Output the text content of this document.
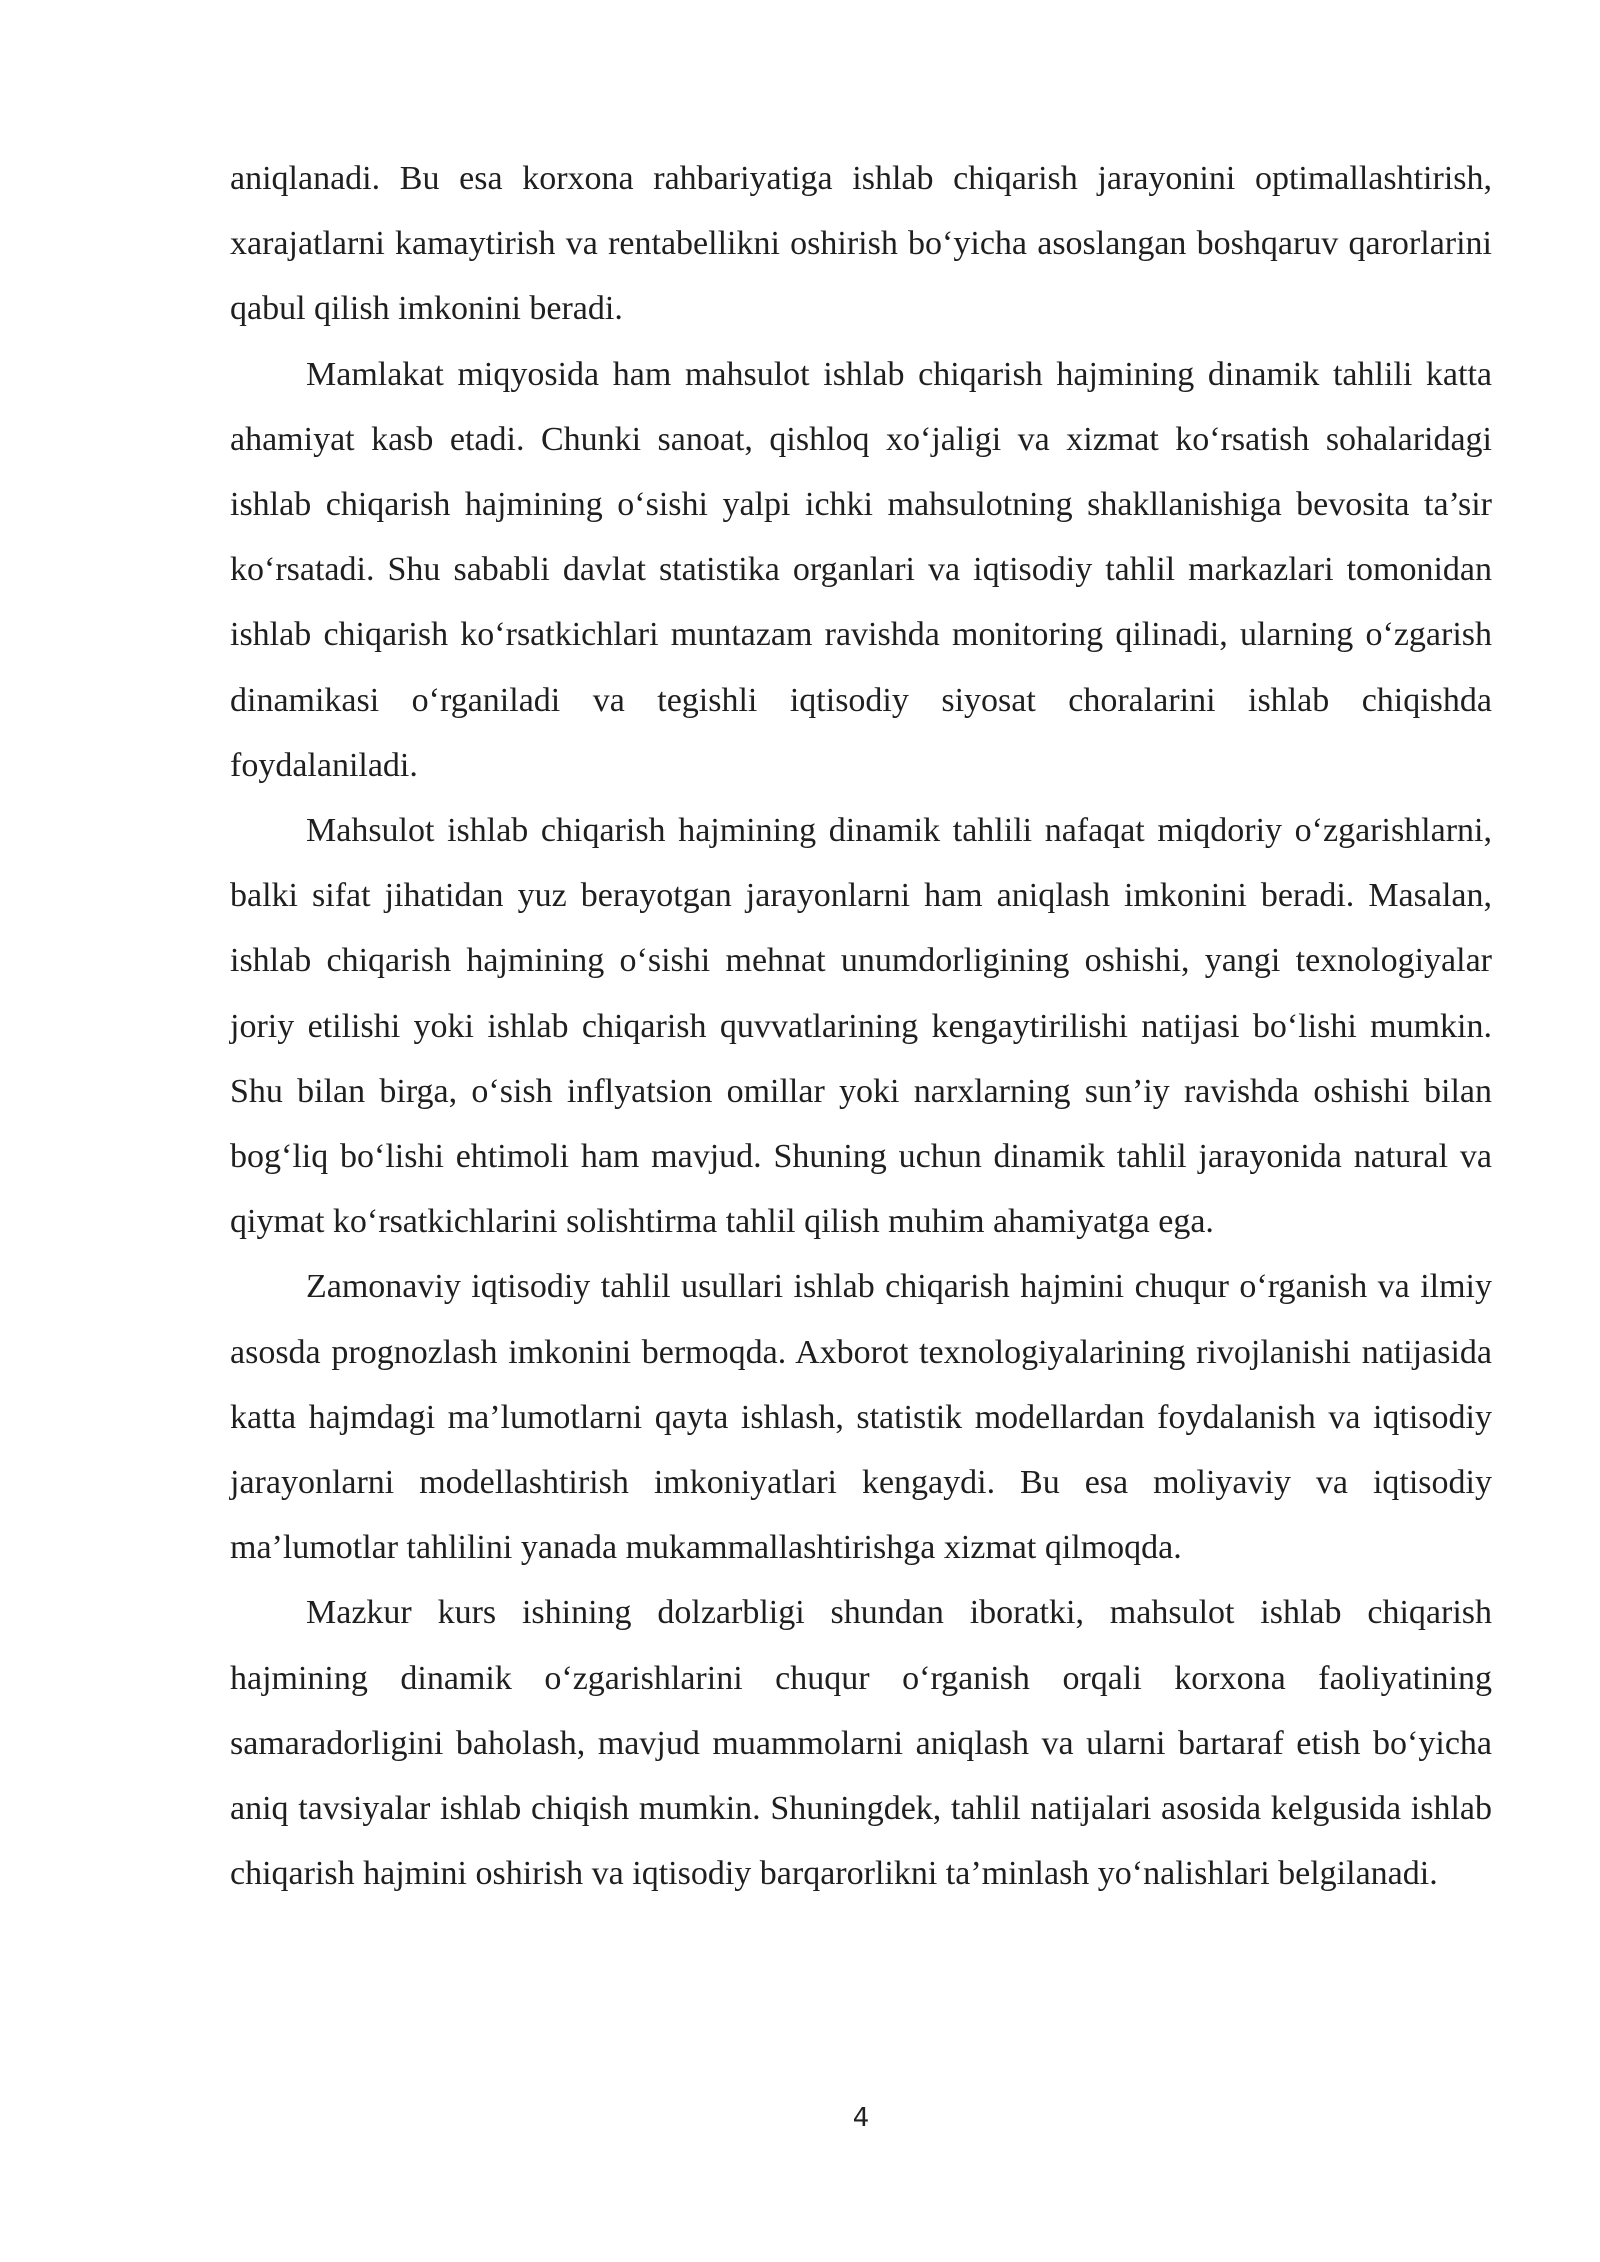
aniqlanadi. Bu esa korxona rahbariyatiga ishlab chiqarish jarayonini optimallashtirish, xarajatlarni kamaytirish va rentabellikni oshirish bo‘yicha asoslangan boshqaruv qarorlarini qabul qilish imkonini beradi.

Mamlakat miqyosida ham mahsulot ishlab chiqarish hajmining dinamik tahlili katta ahamiyat kasb etadi. Chunki sanoat, qishloq xo‘jaligi va xizmat ko‘rsatish sohalaridagi ishlab chiqarish hajmining o‘sishi yalpi ichki mahsulotning shakllanishiga bevosita ta’sir ko‘rsatadi. Shu sababli davlat statistika organlari va iqtisodiy tahlil markazlari tomonidan ishlab chiqarish ko‘rsatkichlari muntazam ravishda monitoring qilinadi, ularning o‘zgarish dinamikasi o‘rganiladi va tegishli iqtisodiy siyosat choralarini ishlab chiqishda foydalaniladi.

Mahsulot ishlab chiqarish hajmining dinamik tahlili nafaqat miqdoriy o‘zgarishlarni, balki sifat jihatidan yuz berayotgan jarayonlarni ham aniqlash imkonini beradi. Masalan, ishlab chiqarish hajmining o‘sishi mehnat unumdorligining oshishi, yangi texnologiyalar joriy etilishi yoki ishlab chiqarish quvvatlarining kengaytirilishi natijasi bo‘lishi mumkin. Shu bilan birga, o‘sish inflyatsion omillar yoki narxlarning sun’iy ravishda oshishi bilan bog‘liq bo‘lishi ehtimoli ham mavjud. Shuning uchun dinamik tahlil jarayonida natural va qiymat ko‘rsatkichlarini solishtirma tahlil qilish muhim ahamiyatga ega.

Zamonaviy iqtisodiy tahlil usullari ishlab chiqarish hajmini chuqur o‘rganish va ilmiy asosda prognozlash imkonini bermoqda. Axborot texnologiyalarining rivojlanishi natijasida katta hajmdagi ma’lumotlarni qayta ishlash, statistik modellardan foydalanish va iqtisodiy jarayonlarni modellashtirish imkoniyatlari kengaydi. Bu esa moliyaviy va iqtisodiy ma’lumotlar tahlilini yanada mukammallashtirishga xizmat qilmoqda.

Mazkur kurs ishining dolzarbligi shundan iboratki, mahsulot ishlab chiqarish hajmining dinamik o‘zgarishlarini chuqur o‘rganish orqali korxona faoliyatining samaradorligini baholash, mavjud muammolarni aniqlash va ularni bartaraf etish bo‘yicha aniq tavsiyalar ishlab chiqish mumkin. Shuningdek, tahlil natijalari asosida kelgusida ishlab chiqarish hajmini oshirish va iqtisodiy barqarorlikni ta’minlash yo‘nalishlari belgilanadi.

4
